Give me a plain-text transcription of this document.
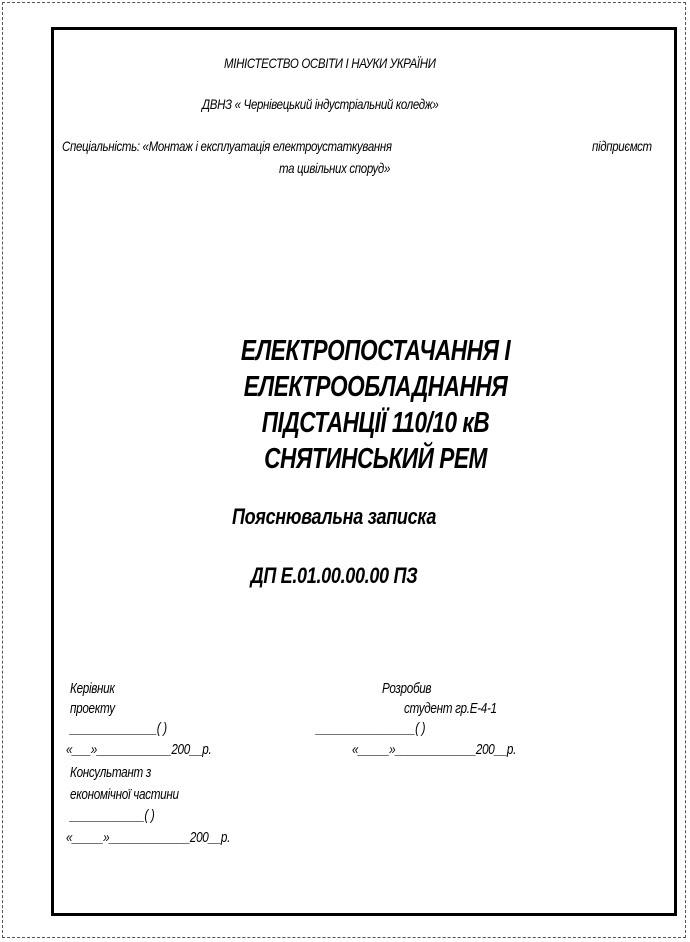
МІНІСТЕСТВО ОСВІТИ І НАУКИ УКРАЇНИ
ДВНЗ « Чернівецький індустріальний коледж»
Спеціальність: «Монтаж і експлуатація електроустаткування	підприємст
та цивільних споруд»
ЕЛЕКТРОПОСТАЧАННЯ І
ЕЛЕКТРООБЛАДНАННЯ
ПІДСТАНЦІЇ 110/10 кВ
СНЯТИНСЬКИЙ РЕМ
Пояснювальна записка
ДП Е.01.00.00.00 ПЗ
Керівник
проекту
______________( )
«___»____________200__р.
Розробив
студент гр.Е-4-1
________________( )
«_____»_____________200__р.
Консультант з
економічної частини
____________( )
«_____»_____________200__р.
